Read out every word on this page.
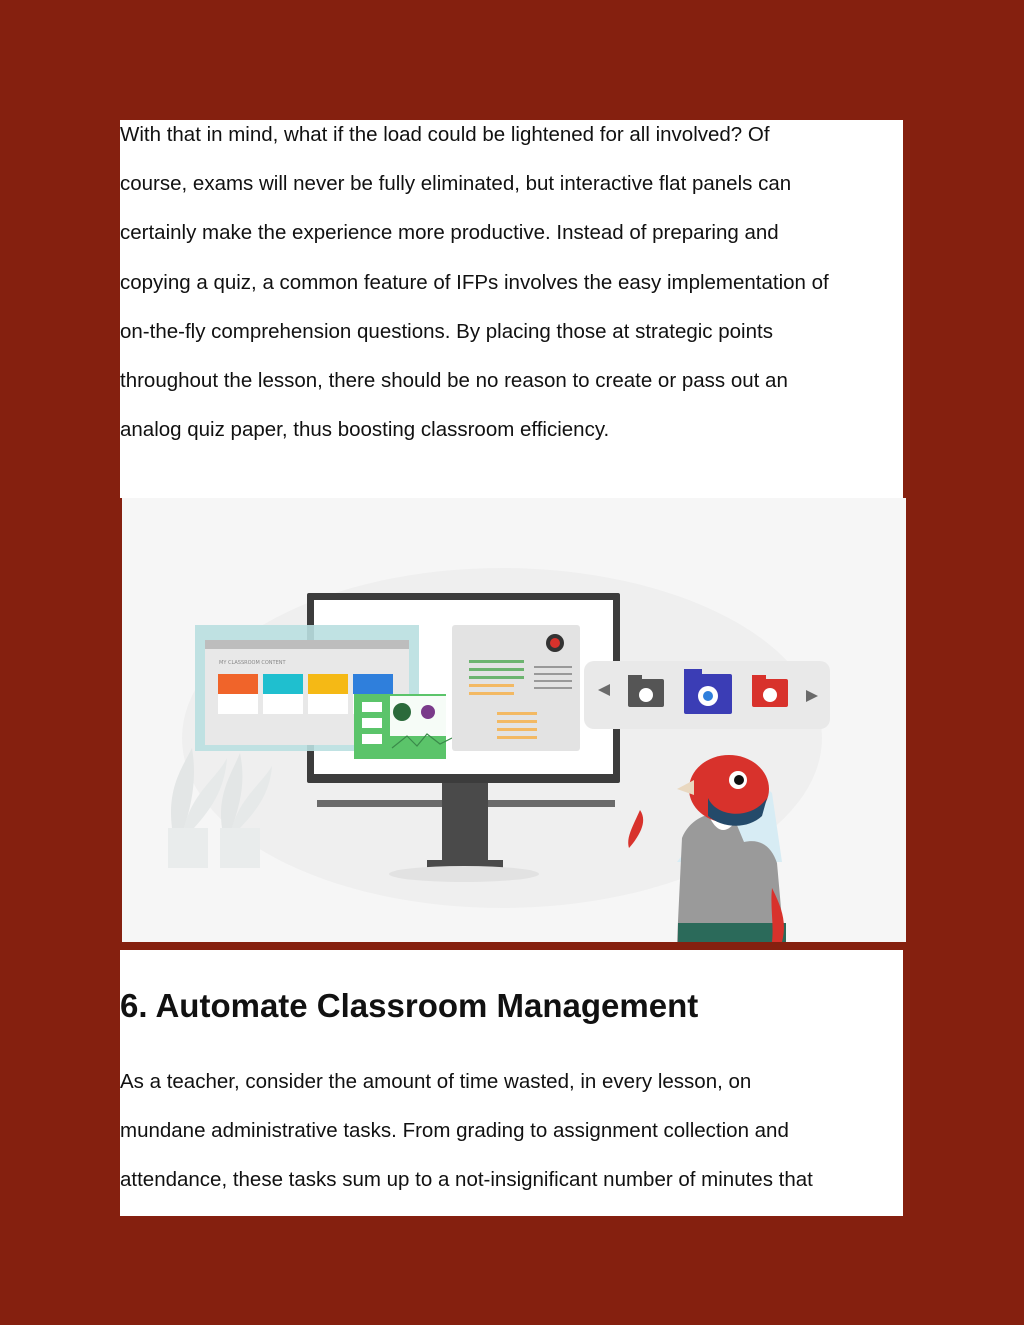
With that in mind, what if the load could be lightened for all involved? Of
course, exams will never be fully eliminated, but interactive flat panels can
certainly make the experience more productive. Instead of preparing and
copying a quiz, a common feature of IFPs involves the easy implementation of
on-the-fly comprehension questions. By placing those at strategic points
throughout the lesson, there should be no reason to create or pass out an
analog quiz paper, thus boosting classroom efficiency.

MY CLASSROOM CONTENT
6. Automate Classroom Management

As a teacher, consider the amount of time wasted, in every lesson, on
mundane administrative tasks. From grading to assignment collection and
attendance, these tasks sum up to a not-insignificant number of minutes that
